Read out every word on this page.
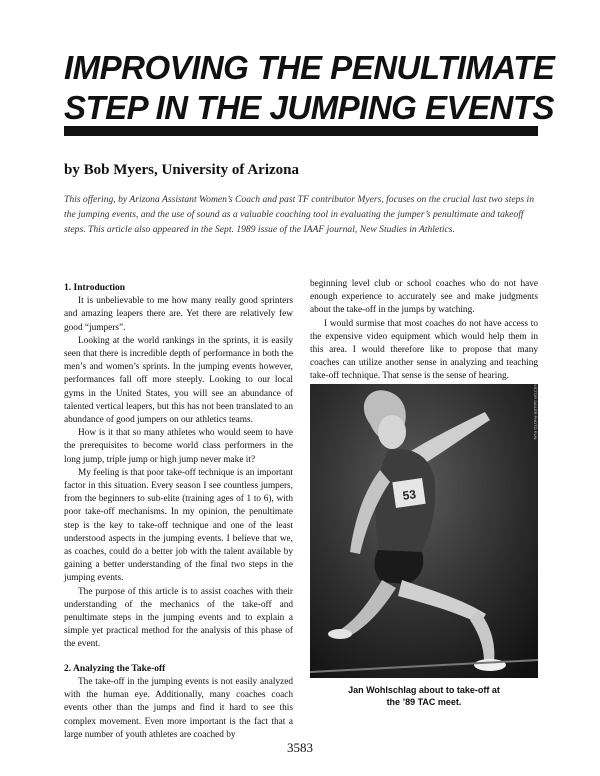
IMPROVING THE PENULTIMATE
STEP IN THE JUMPING EVENTS

by Bob Myers, University of Arizona

This offering, by Arizona Assistant Women’s Coach and past TF contributor Myers, focuses on the crucial last two steps in the jumping events, and the use of sound as a valuable coaching tool in evaluating the jumper’s penultimate and takeoff steps. This article also appeared in the Sept. 1989 issue of the IAAF journal, New Studies in Athletics.

1. Introduction

It is unbelievable to me how many really good sprinters and amazing leapers there are. Yet there are relatively few good “jumpers”.

Looking at the world rankings in the sprints, it is easily seen that there is incredible depth of performance in both the men’s and women’s sprints. In the jumping events however, performances fall off more steeply. Looking to our local gyms in the United States, you will see an abundance of talented vertical leapers, but this has not been translated to an abundance of good jumpers on our athletics teams.

How is it that so many athletes who would seem to have the prerequisites to become world class performers in the long jump, triple jump or high jump never make it?

My feeling is that poor take-off technique is an important factor in this situation. Every season I see countless jumpers, from the beginners to sub-elite (training ages of 1 to 6), with poor take-off mechanisms. In my opinion, the penultimate step is the key to take-off technique and one of the least understood aspects in the jumping events. I believe that we, as coaches, could do a better job with the talent available by gaining a better understanding of the final two steps in the jumping events.

The purpose of this article is to assist coaches with their understanding of the mechanics of the take-off and penultimate steps in the jumping events and to explain a simple yet practical method for the analysis of this phase of the event.

2. Analyzing the Take-off

The take-off in the jumping events is not easily analyzed with the human eye. Additionally, many coaches coach events other than the jumps and find it hard to see this complex movement. Even more important is the fact that a large number of youth athletes are coached by

beginning level club or school coaches who do not have enough experience to accurately see and make judgments about the take-off in the jumps by watching.

I would surmise that most coaches do not have access to the expensive video equipment which would help them in this area. I would therefore like to propose that many coaches can utilize another sense in analyzing and teaching take-off technique. That sense is the sense of hearing.

53
VICTOR SAILER PHOTO RUN
Jan Wohlschlag about to take-off at
the ’89 TAC meet.
3583
